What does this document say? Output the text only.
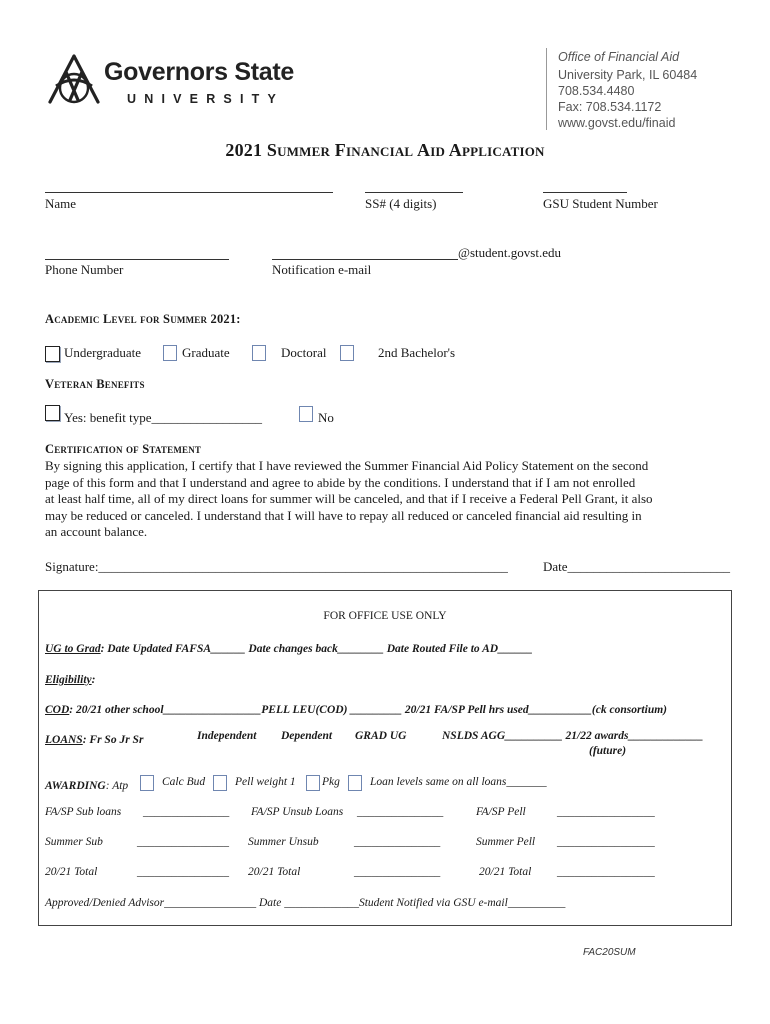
Governors State
UNIVERSITY
Office of Financial Aid
University Park, IL 60484
708.534.4480
Fax: 708.534.1172
www.govst.edu/finaid
2021 Summer Financial Aid Application
Name	SS# (4 digits)	GSU Student Number
Phone Number
@student.govst.edu
Notification e-mail
Academic Level for Summer 2021:
Undergraduate	Graduate	Doctoral	2nd Bachelor's
Veteran Benefits
Yes: benefit type_________________	No
Certification of Statement
By signing this application, I certify that I have reviewed the Summer Financial Aid Policy Statement on the second
page of this form and that I understand and agree to abide by the conditions. I understand that if I am not enrolled
at least half time, all of my direct loans for summer will be canceled, and that if I receive a Federal Pell Grant, it also
may be reduced or canceled. I understand that I will have to repay all reduced or canceled financial aid resulting in
an account balance.
Signature:_______________________________________________________________	Date_________________________
FOR OFFICE USE ONLY
UG to Grad: Date Updated FAFSA______ Date changes back________ Date Routed File to AD______
Eligibility:
COD: 20/21 other school_________________PELL LEU(COD) _________ 20/21 FA/SP Pell hrs used___________(ck consortium)
LOANS: Fr So Jr Sr	Independent Dependent GRAD UG	NSLDS AGG__________ 21/22 awards_____________
(future)
AWARDING: Atp	Calc Bud	Pell weight 1 Pkg	Loan levels same on all loans_______
FA/SP Sub loans _______________ FA/SP Unsub Loans _______________	FA/SP Pell	_________________
Summer Sub	________________ Summer Unsub	_______________	Summer Pell _________________
20/21 Total	________________ 20/21 Total	_______________	20/21 Total _________________
Approved/Denied Advisor________________ Date _____________Student Notified via GSU e-mail__________
FAC20SUM
